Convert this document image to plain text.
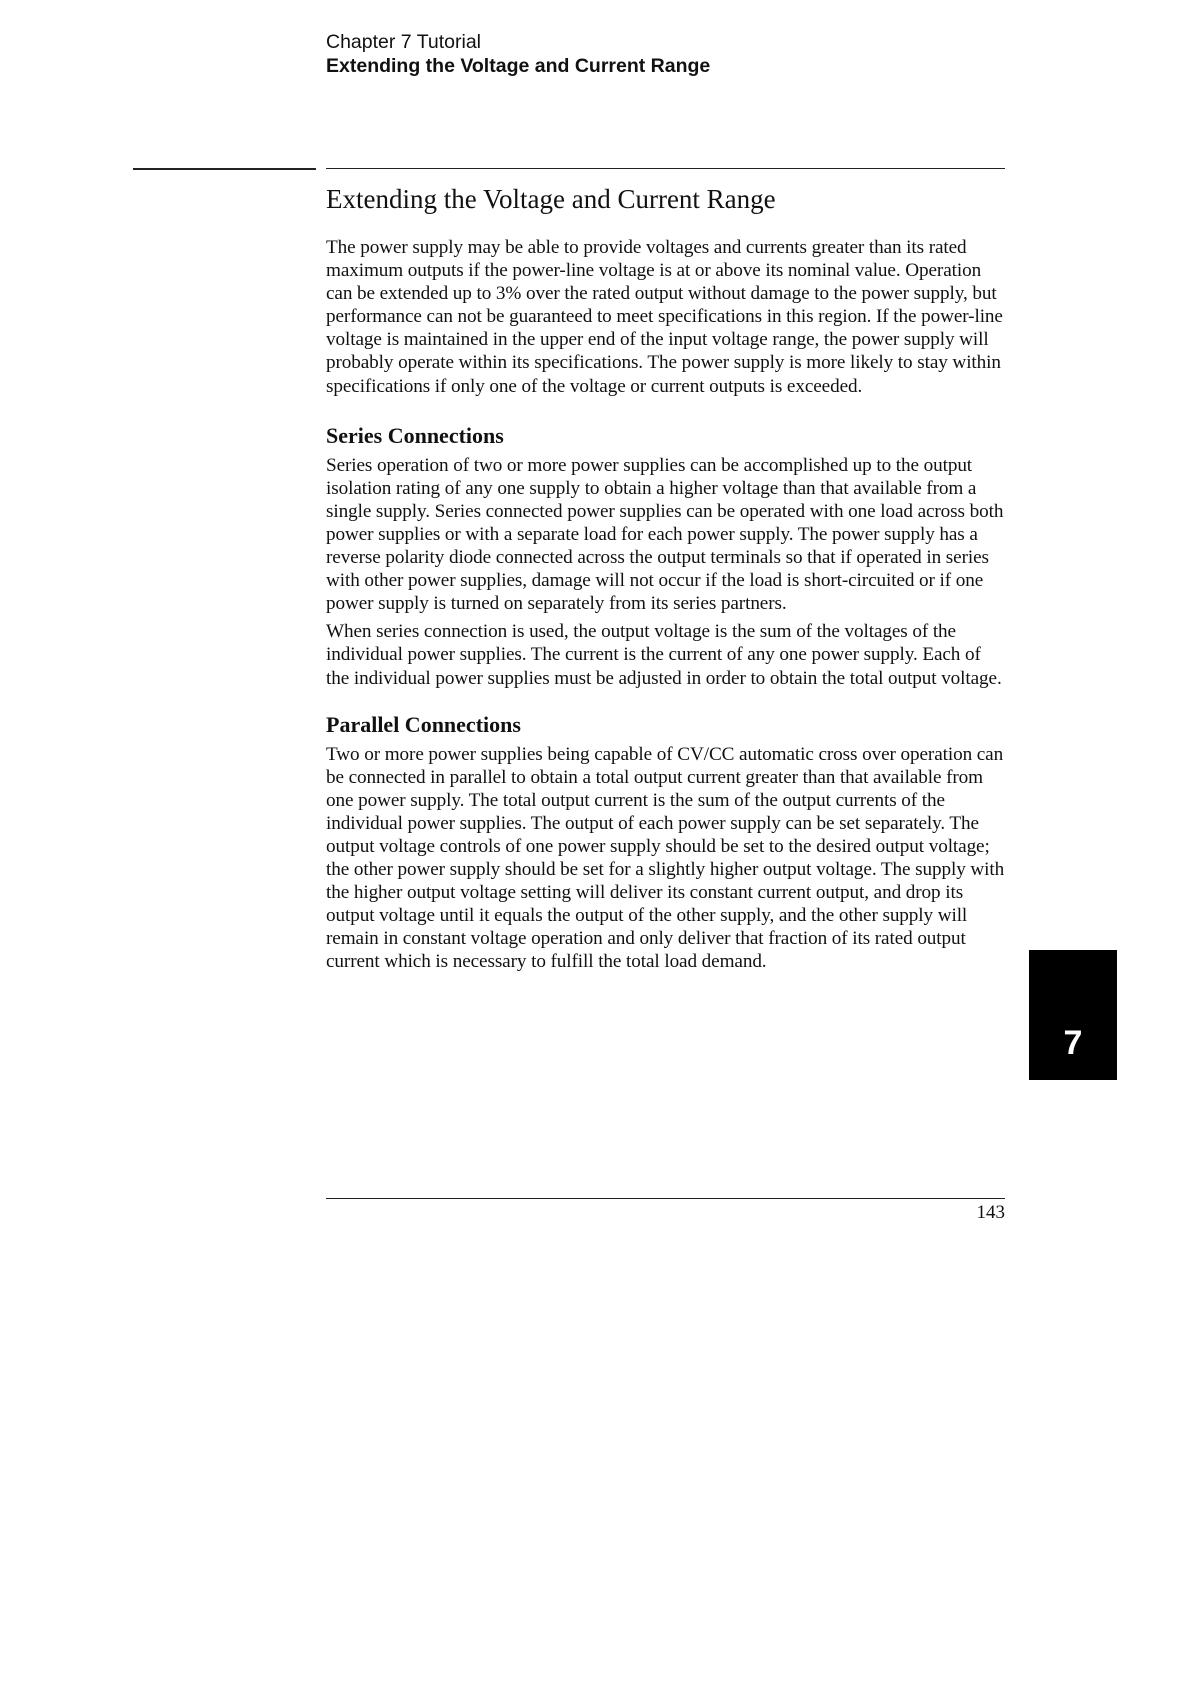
Chapter 7 Tutorial
Extending the Voltage and Current Range
Extending the Voltage and Current Range

The power supply may be able to provide voltages and currents greater than its rated maximum outputs if the power-line voltage is at or above its nominal value. Operation can be extended up to 3% over the rated output without damage to the power supply, but performance can not be guaranteed to meet specifications in this region. If the power-line voltage is maintained in the upper end of the input voltage range, the power supply will probably operate within its specifications. The power supply is more likely to stay within specifications if only one of the voltage or current outputs is exceeded.

Series Connections

Series operation of two or more power supplies can be accomplished up to the output isolation rating of any one supply to obtain a higher voltage than that available from a single supply. Series connected power supplies can be operated with one load across both power supplies or with a separate load for each power supply. The power supply has a reverse polarity diode connected across the output terminals so that if operated in series with other power supplies, damage will not occur if the load is short-circuited or if one power supply is turned on separately from its series partners.

When series connection is used, the output voltage is the sum of the voltages of the individual power supplies. The current is the current of any one power supply. Each of the individual power supplies must be adjusted in order to obtain the total output voltage.

Parallel Connections

Two or more power supplies being capable of CV/CC automatic cross over operation can be connected in parallel to obtain a total output current greater than that available from one power supply. The total output current is the sum of the output currents of the individual power supplies. The output of each power supply can be set separately. The output voltage controls of one power supply should be set to the desired output voltage; the other power supply should be set for a slightly higher output voltage. The supply with the higher output voltage setting will deliver its constant current output, and drop its output voltage until it equals the output of the other supply, and the other supply will remain in constant voltage operation and only deliver that fraction of its rated output current which is necessary to fulfill the total load demand.

7
143
